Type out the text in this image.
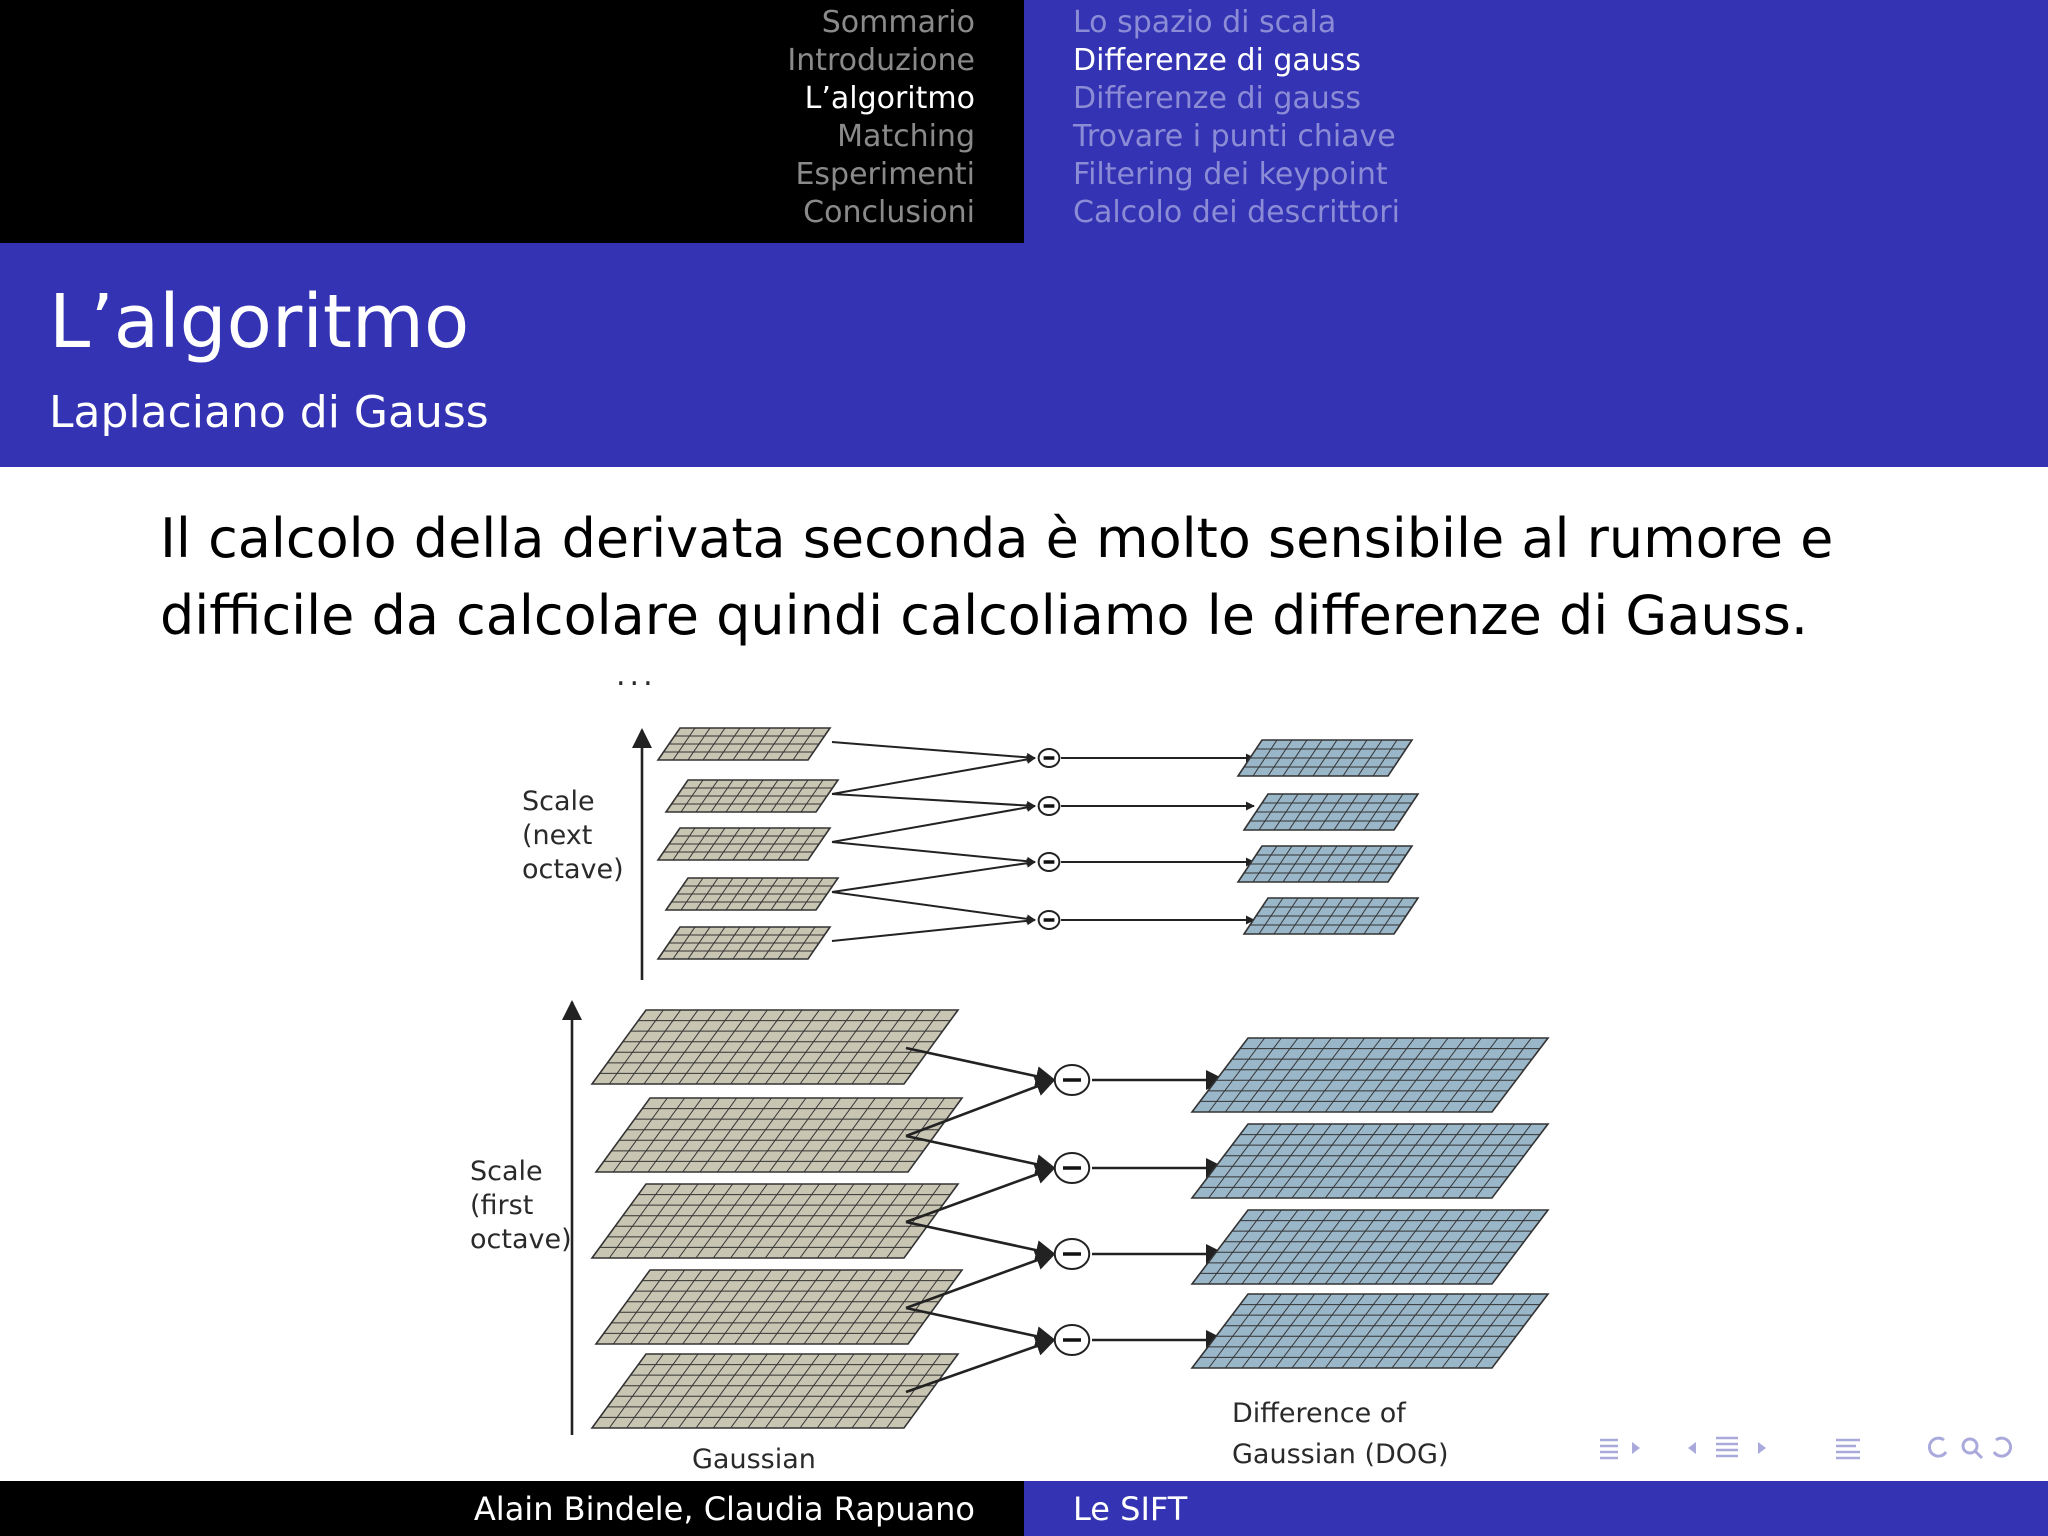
Sommario
Introduzione
L’algoritmo
Matching
Esperimenti
Conclusioni
Lo spazio di scala
Differenze di gauss
Differenze di gauss
Trovare i punti chiave
Filtering dei keypoint
Calcolo dei descrittori
L’algoritmo
Laplaciano di Gauss
Il calcolo della derivata seconda è molto sensibile al rumore e
difficile da calcolare quindi calcoliamo le differenze di Gauss.
...
Scale
(next
octave)
Scale
(first
octave)
Gaussian
Difference of
Gaussian (DOG)
Alain Bindele, Claudia Rapuano	Le SIFT
